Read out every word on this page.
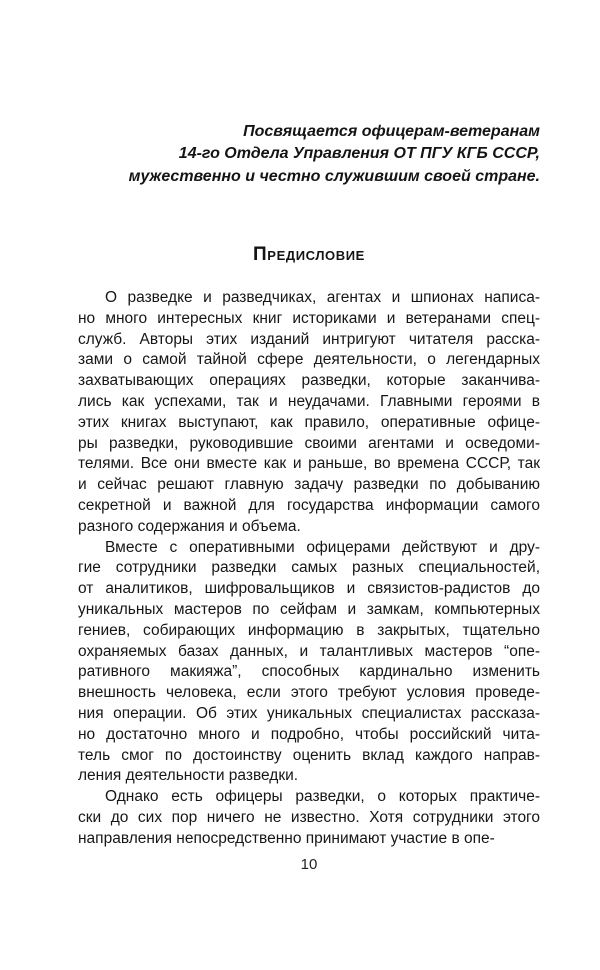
Посвящается офицерам-ветеранам
14-го Отдела Управления ОТ ПГУ КГБ СССР,
мужественно и честно служившим своей стране.
Предисловие
О разведке и разведчиках, агентах и шпионах написа-
но много интересных книг историками и ветеранами спец-
служб. Авторы этих изданий интригуют читателя расска-
зами о самой тайной сфере деятельности, о легендарных
захватывающих операциях разведки, которые заканчива-
лись как успехами, так и неудачами. Главными героями в
этих книгах выступают, как правило, оперативные офице-
ры разведки, руководившие своими агентами и осведоми-
телями. Все они вместе как и раньше, во времена СССР, так
и сейчас решают главную задачу разведки по добыванию
секретной и важной для государства информации самого
разного содержания и объема.
Вместе с оперативными офицерами действуют и дру-
гие сотрудники разведки самых разных специальностей,
от аналитиков, шифровальщиков и связистов-радистов до
уникальных мастеров по сейфам и замкам, компьютерных
гениев, собирающих информацию в закрытых, тщательно
охраняемых базах данных, и талантливых мастеров “опе-
ративного макияжа”, способных кардинально изменить
внешность человека, если этого требуют условия проведе-
ния операции. Об этих уникальных специалистах рассказа-
но достаточно много и подробно, чтобы российский чита-
тель смог по достоинству оценить вклад каждого направ-
ления деятельности разведки.
Однако есть офицеры разведки, о которых практиче-
ски до сих пор ничего не известно. Хотя сотрудники этого
направления непосредственно принимают участие в опе-
10
